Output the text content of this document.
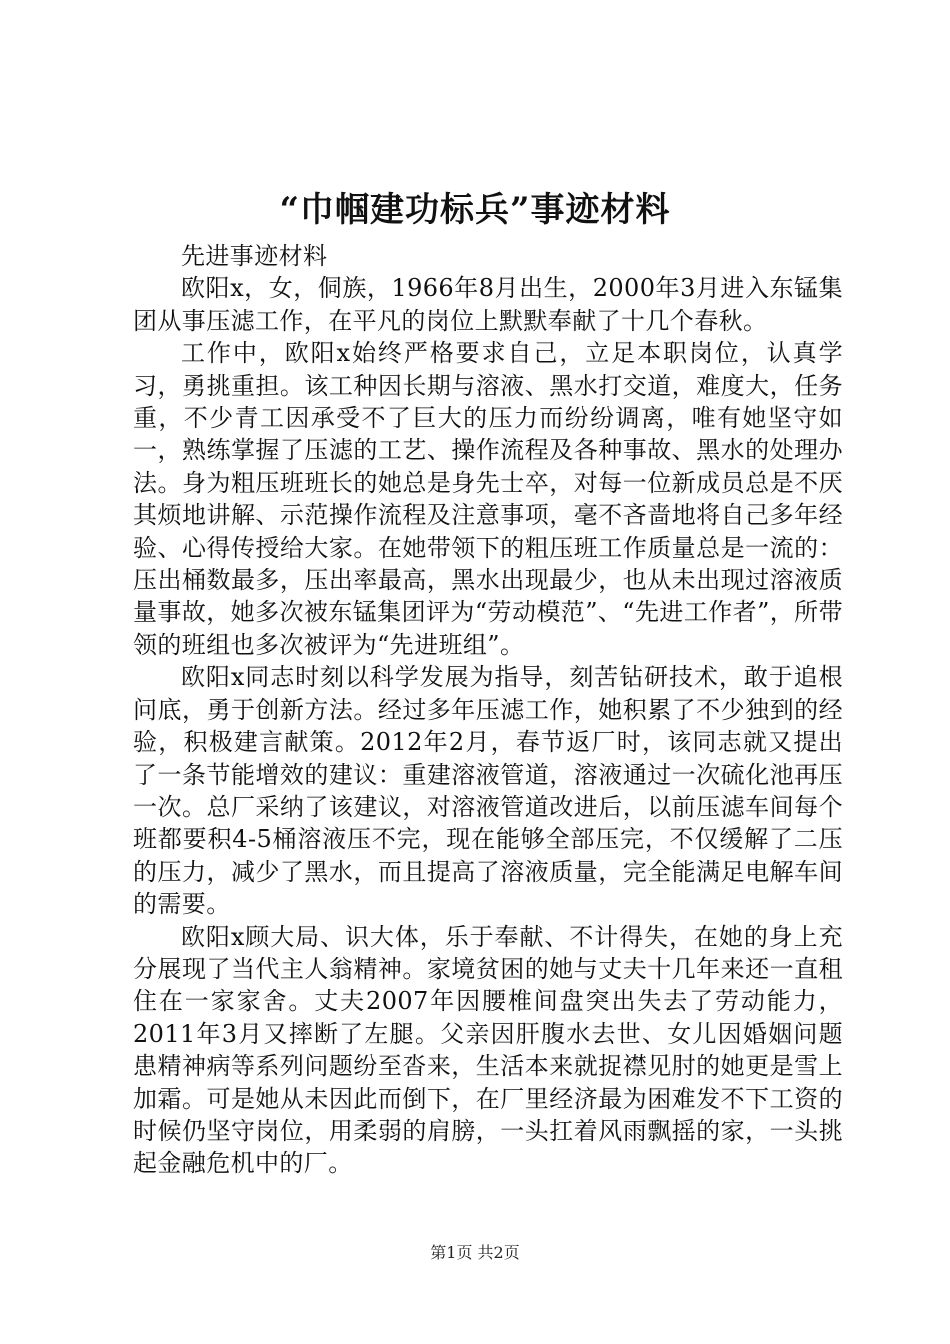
“巾帼建功标兵”事迹材料

先进事迹材料

欧阳x，女，侗族，1966年8月出生，2000年3月进入东锰集团从事压滤工作，在平凡的岗位上默默奉献了十几个春秋。

工作中，欧阳x始终严格要求自己，立足本职岗位，认真学习，勇挑重担。该工种因长期与溶液、黑水打交道，难度大，任务重，不少青工因承受不了巨大的压力而纷纷调离，唯有她坚守如一，熟练掌握了压滤的工艺、操作流程及各种事故、黑水的处理办法。身为粗压班班长的她总是身先士卒，对每一位新成员总是不厌其烦地讲解、示范操作流程及注意事项，毫不吝啬地将自己多年经验、心得传授给大家。在她带领下的粗压班工作质量总是一流的：压出桶数最多，压出率最高，黑水出现最少，也从未出现过溶液质量事故，她多次被东锰集团评为“劳动模范”、“先进工作者”，所带领的班组也多次被评为“先进班组”。

欧阳x同志时刻以科学发展为指导，刻苦钻研技术，敢于追根问底，勇于创新方法。经过多年压滤工作，她积累了不少独到的经验，积极建言献策。2012年2月，春节返厂时，该同志就又提出了一条节能增效的建议：重建溶液管道，溶液通过一次硫化池再压一次。总厂采纳了该建议，对溶液管道改进后，以前压滤车间每个班都要积4-5桶溶液压不完，现在能够全部压完，不仅缓解了二压的压力，减少了黑水，而且提高了溶液质量，完全能满足电解车间的需要。

欧阳x顾大局、识大体，乐于奉献、不计得失，在她的身上充分展现了当代主人翁精神。家境贫困的她与丈夫十几年来还一直租住在一家家舍。丈夫2007年因腰椎间盘突出失去了劳动能力，2011年3月又摔断了左腿。父亲因肝腹水去世、女儿因婚姻问题患精神病等系列问题纷至沓来，生活本来就捉襟见肘的她更是雪上加霜。可是她从未因此而倒下，在厂里经济最为困难发不下工资的时候仍坚守岗位，用柔弱的肩膀，一头扛着风雨飘摇的家，一头挑起金融危机中的厂。

第1页 共2页
